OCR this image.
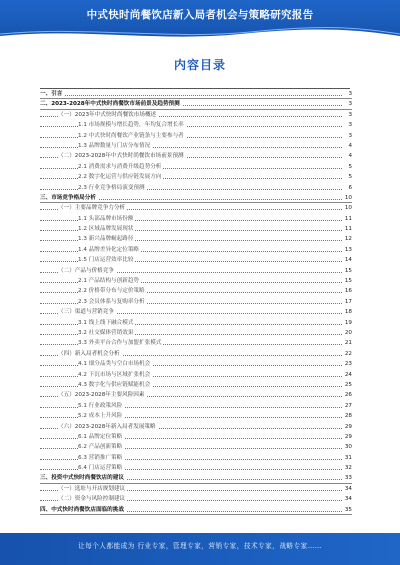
中式快时尚餐饮店新入局者机会与策略研究报告
内容目录
一、引言	3
二、2023-2028年中式快时尚餐饮市场前景及趋势预测	3
（一）2023年中式快时尚餐饮市场概述	3
1.1 市场规模与增长趋势，年均复合增长率	3
1.2 中式快时尚餐饮产业链条与主要参与者	3
1.3 品牌数量与门店分布情况	4
（二）2023-2028年中式快时尚餐饮市场前景预测	4
2.1 消费需求与消费升级趋势分析	5
2.2 数字化运营与供应链发展方向	5
2.3 行业竞争格局演变预测	6
三、市场竞争格局分析	10
（一）主要品牌竞争力分析	10
1.1 头部品牌市场份额	11
1.2 区域品牌发展现状	11
1.3 新兴品牌崛起路径	12
1.4 品牌差异化定位策略	13
1.5 门店运营效率比较	14
（二）产品与价格竞争	15
2.1 产品结构与创新趋势	15
2.2 价格带分布与定价策略	16
2.3 会员体系与复购率分析	17
（三）渠道与营销竞争	18
3.1 线上线下融合模式	19
3.2 社交媒体营销效果	20
3.3 外卖平台合作与加盟扩张模式	21
（四）新入局者机会分析	22
4.1 细分品类与空白市场机会	23
4.2 下沉市场与区域扩张机会	24
4.3 数字化与供应链赋能机会	25
（五）2023-2028年主要风险因素	26
5.1 行业政策风险	27
5.2 成本上升风险	28
（六）2023-2028年新入局者发展策略	29
6.1 品牌定位策略	29
6.2 产品创新策略	30
6.3 营销推广策略	31
6.4 门店运营策略	32
三、投资中式快时尚餐饮店的建议	33
（一）选址与开店规划建议	34
（二）资金与风险控制建议	34
四、中式快时尚餐饮店面临的挑战	35
让每个人都能成为 行业专家，管理专家，营销专家，技术专家，战略专家……
